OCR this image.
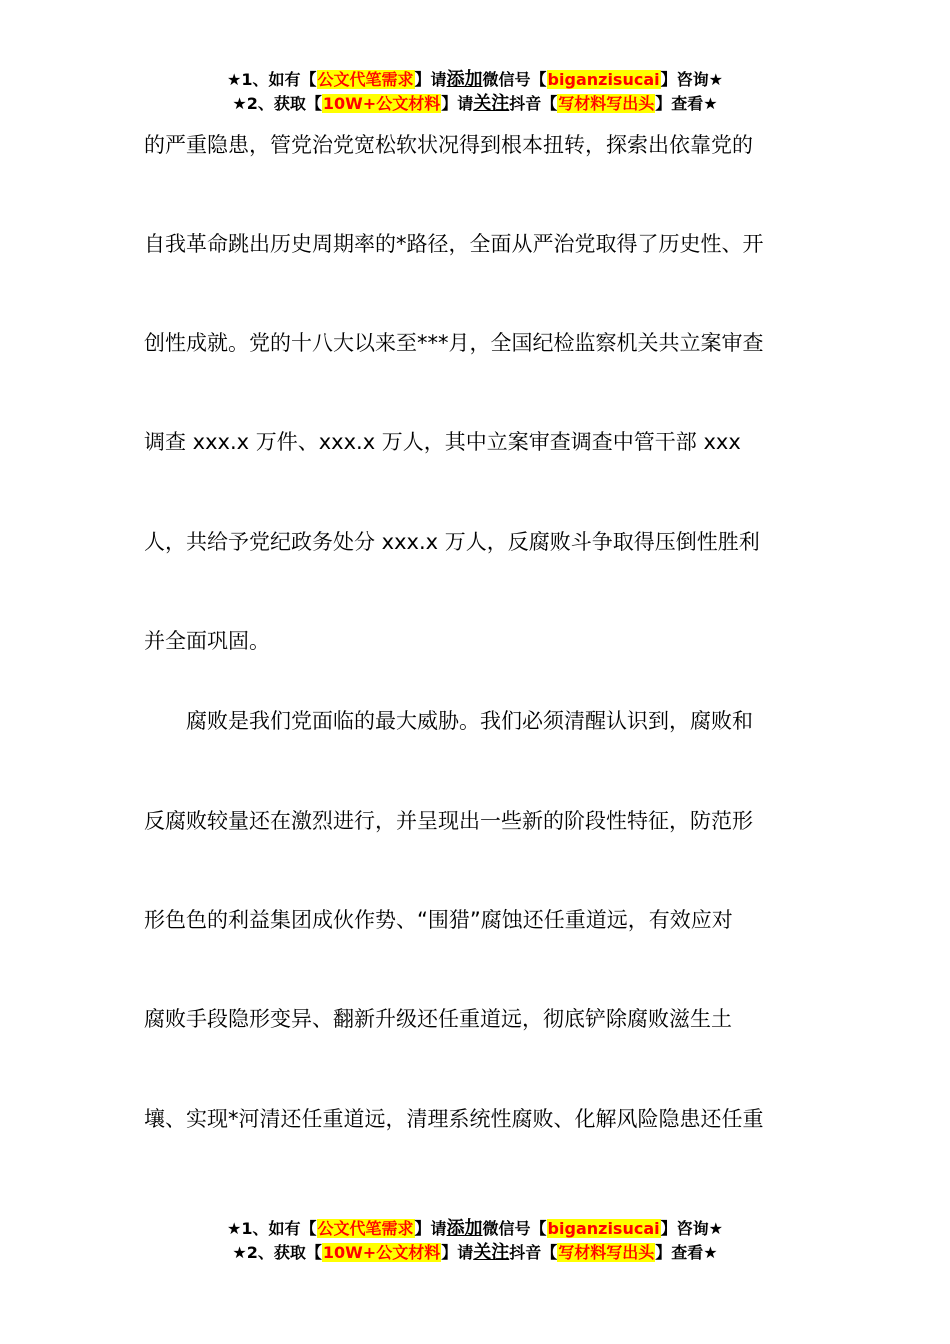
★1、如有【公文代笔需求】请添加微信号【biganzisucai】咨询★
★2、获取【10W+公文材料】请关注抖音【写材料写出头】查看★
的严重隐患，管党治党宽松软状况得到根本扭转，探索出依靠党的
自我革命跳出历史周期率的*路径，全面从严治党取得了历史性、开
创性成就。党的十八大以来至***月，全国纪检监察机关共立案审查
调查 xxx.x 万件、xxx.x 万人，其中立案审查调查中管干部 xxx
人，共给予党纪政务处分 xxx.x 万人，反腐败斗争取得压倒性胜利
并全面巩固。
　　腐败是我们党面临的最大威胁。我们必须清醒认识到，腐败和
反腐败较量还在激烈进行，并呈现出一些新的阶段性特征，防范形
形色色的利益集团成伙作势、“围猎”腐蚀还任重道远，有效应对
腐败手段隐形变异、翻新升级还任重道远，彻底铲除腐败滋生土
壤、实现*河清还任重道远，清理系统性腐败、化解风险隐患还任重
★1、如有【公文代笔需求】请添加微信号【biganzisucai】咨询★
★2、获取【10W+公文材料】请关注抖音【写材料写出头】查看★
